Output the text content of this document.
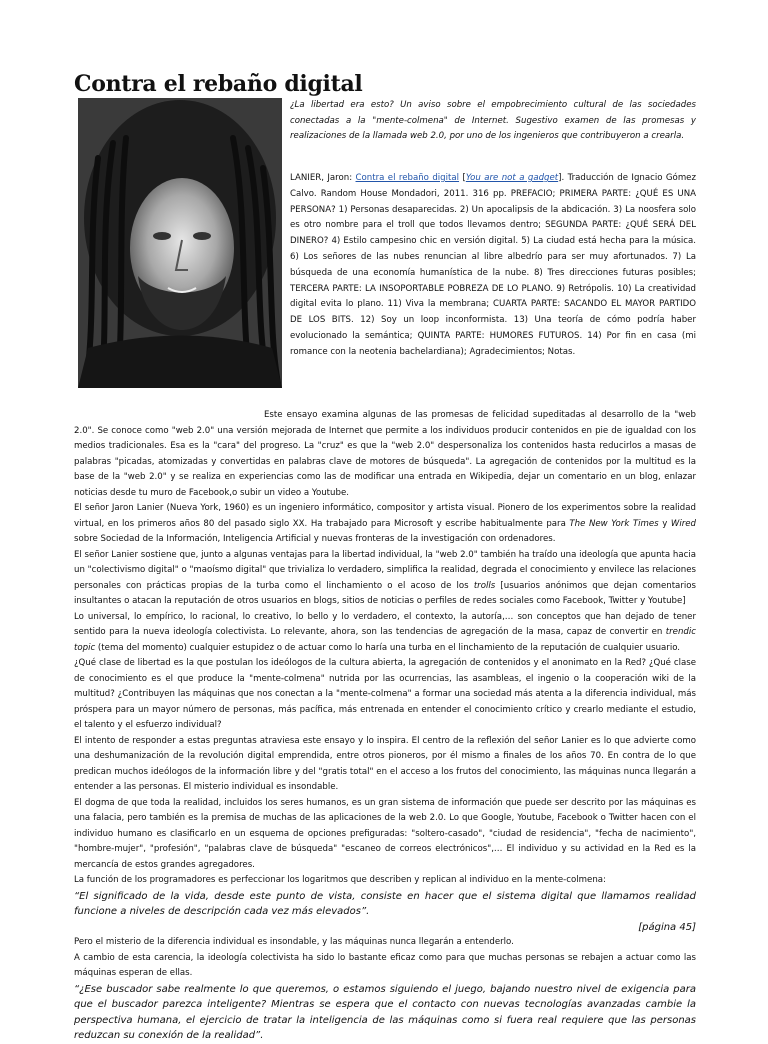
Contra el rebaño digital
¿La libertad era esto? Un aviso sobre el empobrecimiento cultural de las sociedades conectadas a la "mente-colmena" de Internet. Sugestivo examen de las promesas y realizaciones de la llamada web 2.0, por uno de los ingenieros que contribuyeron a crearla.
LANIER, Jaron: Contra el rebaño digital [You are not a gadget]. Traducción de Ignacio Gómez Calvo. Random House Mondadori, 2011. 316 pp. PREFACIO; PRIMERA PARTE: ¿QUÉ ES UNA PERSONA? 1) Personas desaparecidas. 2) Un apocalipsis de la abdicación. 3) La noosfera solo es otro nombre para el troll que todos llevamos dentro; SEGUNDA PARTE: ¿QUÉ SERÁ DEL DINERO? 4) Estilo campesino chic en versión digital. 5) La ciudad está hecha para la música. 6) Los señores de las nubes renuncian al libre albedrío para ser muy afortunados. 7) La búsqueda de una economía humanística de la nube. 8) Tres direcciones futuras posibles; TERCERA PARTE: LA INSOPORTABLE POBREZA DE LO PLANO. 9) Retrópolis. 10) La creatividad digital evita lo plano. 11) Viva la membrana; CUARTA PARTE: SACANDO EL MAYOR PARTIDO DE LOS BITS. 12) Soy un loop inconformista. 13) Una teoría de cómo podría haber evolucionado la semántica; QUINTA PARTE: HUMORES FUTUROS. 14) Por fin en casa (mi romance con la neotenia bachelardiana); Agradecimientos; Notas.

Este ensayo examina algunas de las promesas de felicidad supeditadas al desarrollo de la "web 2.0". Se conoce como "web 2.0" una versión mejorada de Internet que permite a los individuos producir contenidos en pie de igualdad con los medios tradicionales. Esa es la "cara" del progreso. La "cruz" es que la "web 2.0" despersonaliza los contenidos hasta reducirlos a masas de palabras "picadas, atomizadas y convertidas en palabras clave de motores de búsqueda". La agregación de contenidos por la multitud es la base de la "web 2.0" y se realiza en experiencias como las de modificar una entrada en Wikipedia, dejar un comentario en un blog, enlazar noticias desde tu muro de Facebook,o subir un video a Youtube.

El señor Jaron Lanier (Nueva York, 1960) es un ingeniero informático, compositor y artista visual. Pionero de los experimentos sobre la realidad virtual, en los primeros años 80 del pasado siglo XX. Ha trabajado para Microsoft y escribe habitualmente para The New York Times y Wired sobre Sociedad de la Información, Inteligencia Artificial y nuevas fronteras de la investigación con ordenadores.

El señor Lanier sostiene que, junto a algunas ventajas para la libertad individual, la "web 2.0" también ha traído una ideología que apunta hacia un "colectivismo digital" o "maoísmo digital" que trivializa lo verdadero, simplifica la realidad, degrada el conocimiento y envilece las relaciones personales con prácticas propias de la turba como el linchamiento o el acoso de los trolls [usuarios anónimos que dejan comentarios insultantes o atacan la reputación de otros usuarios en blogs, sitios de noticias o perfiles de redes sociales como Facebook, Twitter y Youtube]

Lo universal, lo empírico, lo racional, lo creativo, lo bello y lo verdadero, el contexto, la autoría,… son conceptos que han dejado de tener sentido para la nueva ideología colectivista. Lo relevante, ahora, son las tendencias de agregación de la masa, capaz de convertir en trendic topic (tema del momento) cualquier estupidez o de actuar como lo haría una turba en el linchamiento de la reputación de cualquier usuario.

¿Qué clase de libertad es la que postulan los ideólogos de la cultura abierta, la agregación de contenidos y el anonimato en la Red? ¿Qué clase de conocimiento es el que produce la "mente-colmena" nutrida por las ocurrencias, las asambleas, el ingenio o la cooperación wiki de la multitud? ¿Contribuyen las máquinas que nos conectan a la "mente-colmena" a formar una sociedad más atenta a la diferencia individual, más próspera para un mayor número de personas, más pacífica, más entrenada en entender el conocimiento crítico y crearlo mediante el estudio, el talento y el esfuerzo individual?

El intento de responder a estas preguntas atraviesa este ensayo y lo inspira. El centro de la reflexión del señor Lanier es lo que advierte como una deshumanización de la revolución digital emprendida, entre otros pioneros, por él mismo a finales de los años 70. En contra de lo que predican muchos ideólogos de la información libre y del "gratis total" en el acceso a los frutos del conocimiento, las máquinas nunca llegarán a entender a las personas. El misterio individual es insondable.

El dogma de que toda la realidad, incluidos los seres humanos, es un gran sistema de información que puede ser descrito por las máquinas es una falacia, pero también es la premisa de muchas de las aplicaciones de la web 2.0. Lo que Google, Youtube, Facebook o Twitter hacen con el individuo humano es clasificarlo en un esquema de opciones prefiguradas: "soltero-casado", "ciudad de residencia", "fecha de nacimiento", "hombre-mujer", "profesión", "palabras clave de búsqueda" "escaneo de correos electrónicos",… El individuo y su actividad en la Red es la mercancía de estos grandes agregadores.

La función de los programadores es perfeccionar los logaritmos que describen y replican al individuo en la mente-colmena:

“El significado de la vida, desde este punto de vista, consiste en hacer que el sistema digital que llamamos realidad funcione a niveles de descripción cada vez más elevados”.

[página 45]

Pero el misterio de la diferencia individual es insondable, y las máquinas nunca llegarán a entenderlo.

A cambio de esta carencia, la ideología colectivista ha sido lo bastante eficaz como para que muchas personas se rebajen a actuar como las máquinas esperan de ellas.

“¿Ese buscador sabe realmente lo que queremos, o estamos siguiendo el juego, bajando nuestro nivel de exigencia para que el buscador parezca inteligente? Mientras se espera que el contacto con nuevas tecnologías avanzadas cambie la perspectiva humana, el ejercicio de tratar la inteligencia de las máquinas como si fuera real requiere que las personas reduzcan su conexión de la realidad”.
